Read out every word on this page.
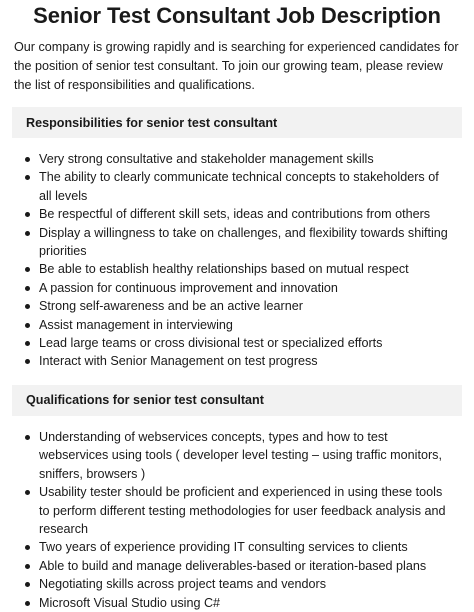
Senior Test Consultant Job Description

Our company is growing rapidly and is searching for experienced candidates for the position of senior test consultant. To join our growing team, please review the list of responsibilities and qualifications.

Responsibilities for senior test consultant
Very strong consultative and stakeholder management skills
The ability to clearly communicate technical concepts to stakeholders of all levels
Be respectful of different skill sets, ideas and contributions from others
Display a willingness to take on challenges, and flexibility towards shifting priorities
Be able to establish healthy relationships based on mutual respect
A passion for continuous improvement and innovation
Strong self-awareness and be an active learner
Assist management in interviewing
Lead large teams or cross divisional test or specialized efforts
Interact with Senior Management on test progress
Qualifications for senior test consultant
Understanding of webservices concepts, types and how to test webservices using tools ( developer level testing – using traffic monitors, sniffers, browsers )
Usability tester should be proficient and experienced in using these tools to perform different testing methodologies for user feedback analysis and research
Two years of experience providing IT consulting services to clients
Able to build and manage deliverables-based or iteration-based plans
Negotiating skills across project teams and vendors
Microsoft Visual Studio using C#
